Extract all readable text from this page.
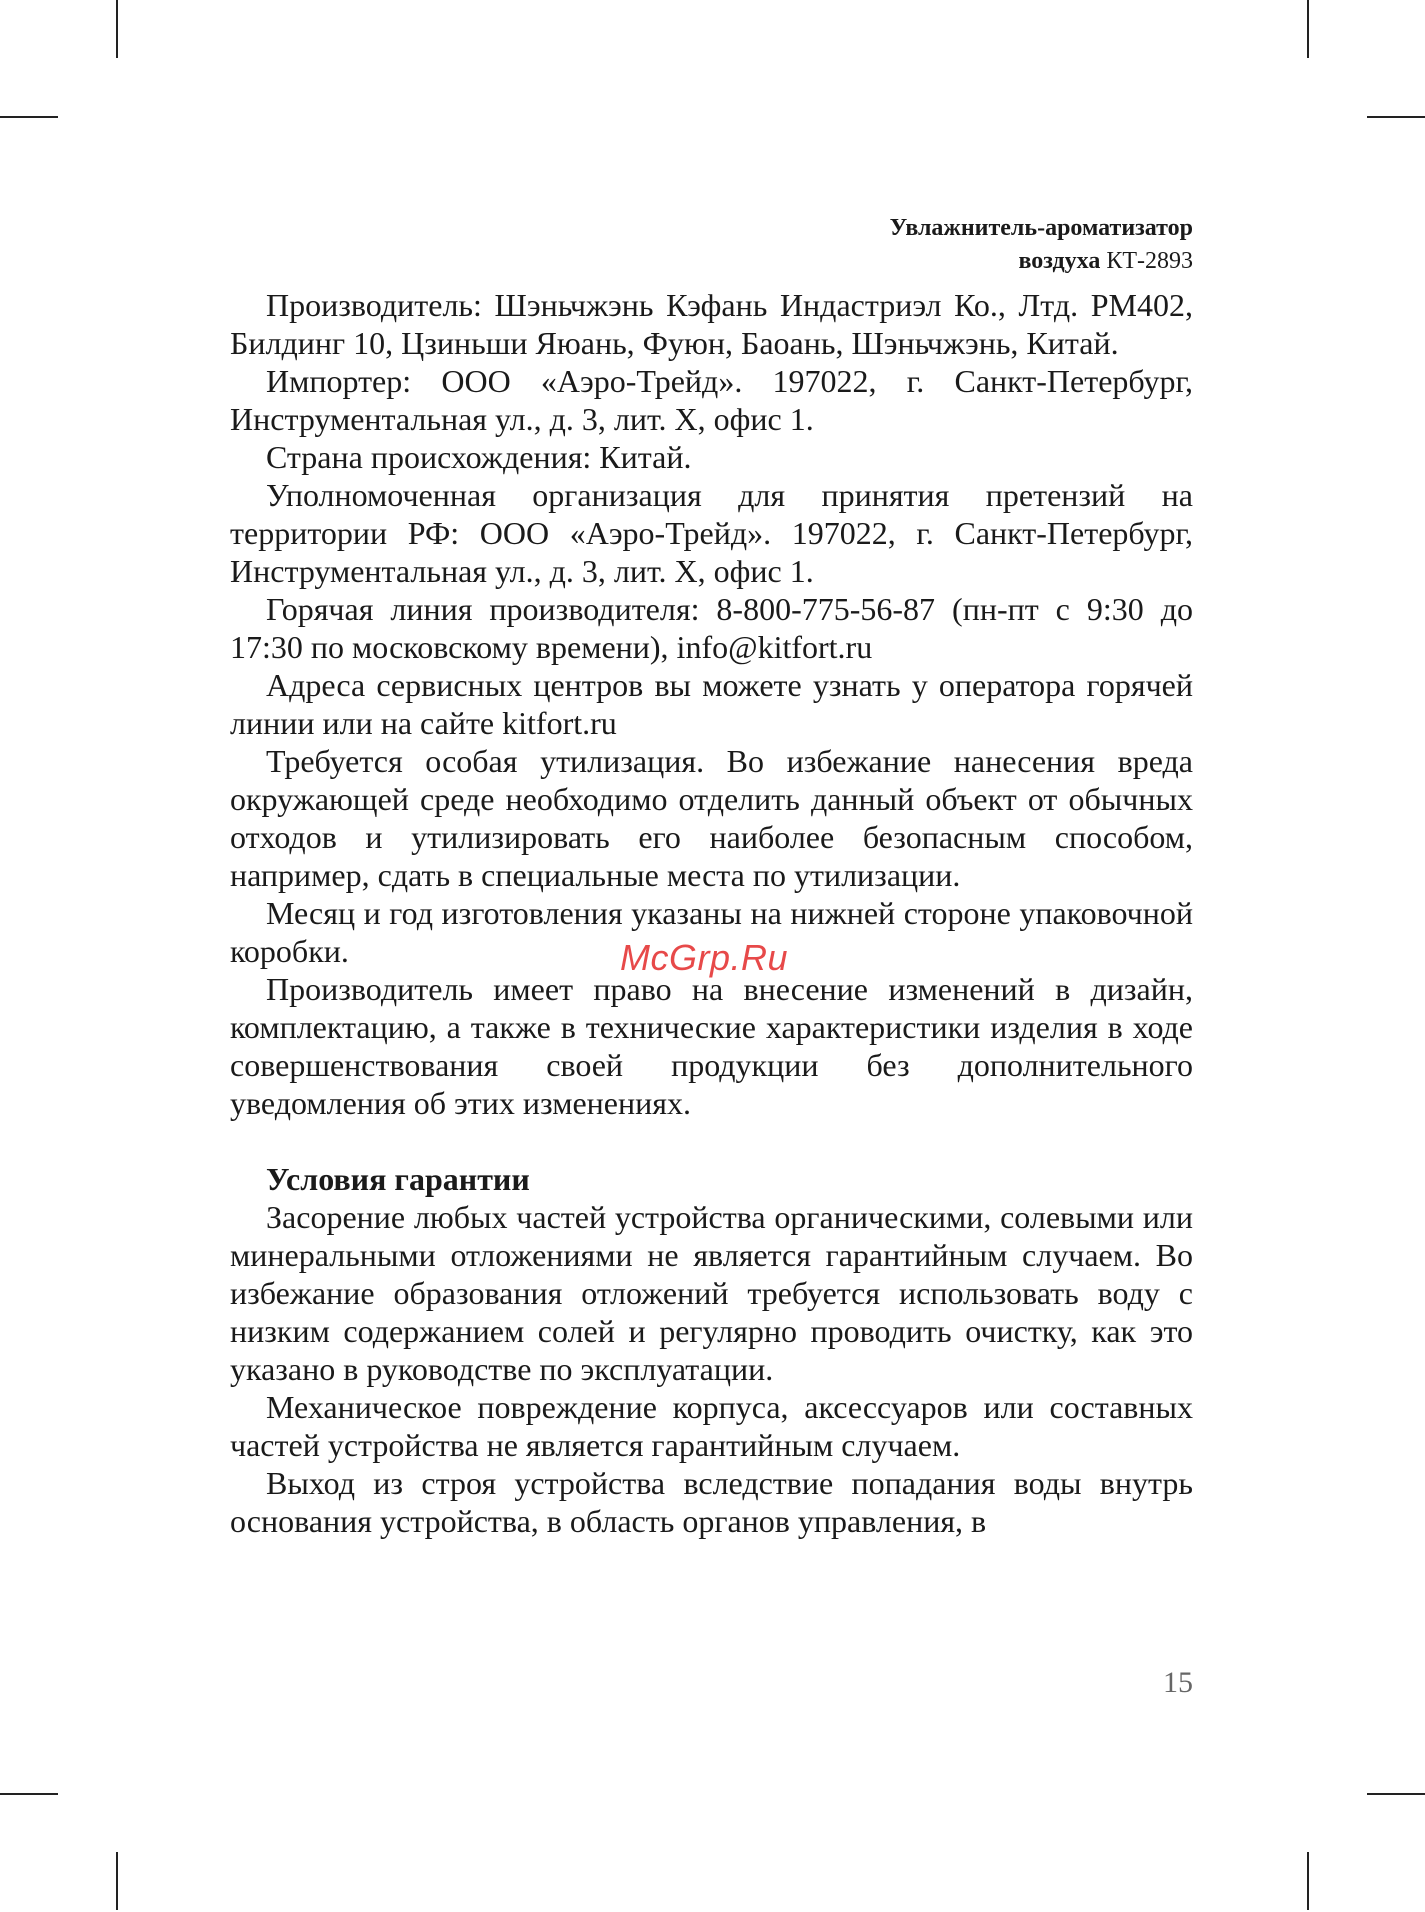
Увлажнитель-ароматизатор
воздуха КТ-2893

Производитель: Шэньчжэнь Кэфань Индастриэл Ко., Лтд. РМ402, Билдинг 10, Цзиньши Яюань, Фуюн, Баоань, Шэньчжэнь, Китай.

Импортер: ООО «Аэро-Трейд». 197022, г. Санкт-Петербург, Инструментальная ул., д. 3, лит. Х, офис 1.

Страна происхождения: Китай.

Уполномоченная организация для принятия претензий на территории РФ: ООО «Аэро-Трейд». 197022, г. Санкт-Петербург, Инструментальная ул., д. 3, лит. Х, офис 1.

Горячая линия производителя: 8-800-775-56-87 (пн-пт с 9:30 до 17:30 по московскому времени), info@kitfort.ru

Адреса сервисных центров вы можете узнать у оператора горячей линии или на сайте kitfort.ru

Требуется особая утилизация. Во избежание нанесения вреда окружающей среде необходимо отделить данный объект от обычных отходов и утилизировать его наиболее безопасным способом, например, сдать в специальные места по утилизации.

Месяц и год изготовления указаны на нижней стороне упаковочной коробки.

Производитель имеет право на внесение изменений в дизайн, комплектацию, а также в технические характеристики изделия в ходе совершенствования своей продукции без дополнительного уведомления об этих изменениях.

Условия гарантии

Засорение любых частей устройства органическими, солевыми или минеральными отложениями не является гарантийным случаем. Во избежание образования отложений требуется использовать воду с низким содержанием солей и регулярно проводить очистку, как это указано в руководстве по эксплуатации.

Механическое повреждение корпуса, аксессуаров или составных частей устройства не является гарантийным случаем.

Выход из строя устройства вследствие попадания воды внутрь основания устройства, в область органов управления, в

McGrp.Ru
15
